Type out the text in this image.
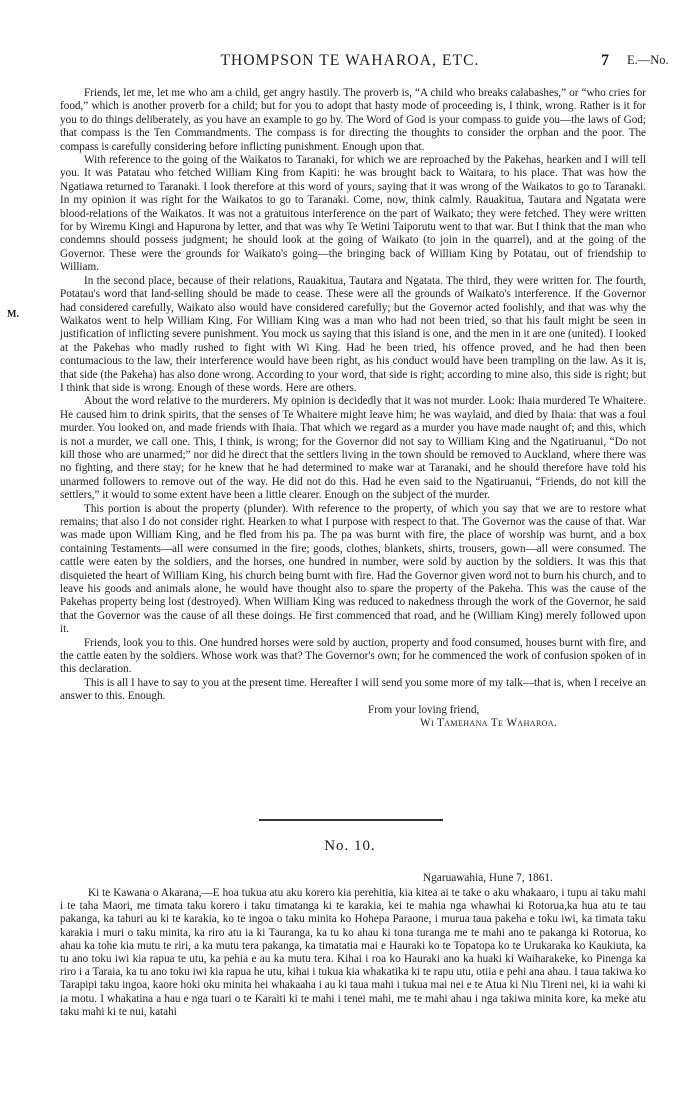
THOMPSON TE WAHAROA, ETC.	7 E.—No.
M.

Friends, let me, let me who am a child, get angry hastily. The proverb is, “A child who breaks calabashes,” or “who cries for food,” which is another proverb for a child; but for you to adopt that hasty mode of proceeding is, I think, wrong. Rather is it for you to do things deliberately, as you have an example to go by. The Word of God is your compass to guide you—the laws of God; that compass is the Ten Commandments. The compass is for directing the thoughts to consider the orphan and the poor. The compass is carefully considering before inflicting punishment. Enough upon that.

With reference to the going of the Waikatos to Taranaki, for which we are reproached by the Pakehas, hearken and I will tell you. It was Patatau who fetched William King from Kapiti: he was brought back to Waitara, to his place. That was how the Ngatiawa returned to Taranaki. I look therefore at this word of yours, saying that it was wrong of the Waikatos to go to Taranaki. In my opinion it was right for the Waikatos to go to Taranaki. Come, now, think calmly. Rauakitua, Tautara and Ngatata were blood-relations of the Waikatos. It was not a gratuitous interference on the part of Waikato; they were fetched. They were written for by Wiremu Kingi and Hapurona by letter, and that was why Te Wetini Taiporutu went to that war. But I think that the man who condemns should possess judgment; he should look at the going of Waikato (to join in the quarrel), and at the going of the Governor. These were the grounds for Waikato's going—the bringing back of William King by Potatau, out of friendship to William.

In the second place, because of their relations, Rauakitua, Tautara and Ngatata. The third, they were written for. The fourth, Potatau's word that land-selling should be made to cease. These were all the grounds of Waikato's interference. If the Governor had considered carefully, Waikato also would have considered carefully; but the Governor acted foolishly, and that was why the Waikatos went to help William King. For William King was a man who had not been tried, so that his fault might be seen in justification of inflicting severe punishment. You mock us saying that this island is one, and the men in it are one (united). I looked at the Pakehas who madly rushed to fight with Wi King. Had he been tried, his offence proved, and he had then been contumacious to the law, their interference would have been right, as his conduct would have been trampling on the law. As it is, that side (the Pakeha) has also done wrong. According to your word, that side is right; according to mine also, this side is right; but I think that side is wrong. Enough of these words. Here are others.

About the word relative to the murderers. My opinion is decidedly that it was not murder. Look: Ihaia murdered Te Whaitere. He caused him to drink spirits, that the senses of Te Whaitere might leave him; he was waylaid, and died by Ihaia: that was a foul murder. You looked on, and made friends with Ihaia. That which we regard as a murder you have made naught of; and this, which is not a murder, we call one. This, I think, is wrong; for the Governor did not say to William King and the Ngatiruanui, “Do not kill those who are unarmed;” nor did he direct that the settlers living in the town should be removed to Auckland, where there was no fighting, and there stay; for he knew that he had determined to make war at Taranaki, and he should therefore have told his unarmed followers to remove out of the way. He did not do this. Had he even said to the Ngatiruanui, “Friends, do not kill the settlers,” it would to some extent have been a little clearer. Enough on the subject of the murder.

This portion is about the property (plunder). With reference to the property, of which you say that we are to restore what remains; that also I do not consider right. Hearken to what I purpose with respect to that. The Governor was the cause of that. War was made upon William King, and he fled from his pa. The pa was burnt with fire, the place of worship was burnt, and a box containing Testaments—all were consumed in the fire; goods, clothes, blankets, shirts, trousers, gown—all were consumed. The cattle were eaten by the soldiers, and the horses, one hundred in number, were sold by auction by the soldiers. It was this that disquieted the heart of William King, his church being burnt with fire. Had the Governor given word not to burn his church, and to leave his goods and animals alone, he would have thought also to spare the property of the Pakeha. This was the cause of the Pakehas property being lost (destroyed). When William King was reduced to nakedness through the work of the Governor, he said that the Governor was the cause of all these doings. He first commenced that road, and he (William King) merely followed upon it.

Friends, look you to this. One hundred horses were sold by auction, property and food consumed, houses burnt with fire, and the cattle eaten by the soldiers. Whose work was that? The Governor's own; for he commenced the work of confusion spoken of in this declaration.

This is all I have to say to you at the present time. Hereafter I will send you some more of my talk—that is, when I receive an answer to this. Enough.

From your loving friend,
Wi Tamehana Te Waharoa.
No. 10.
Ngaruawahia, Hune 7, 1861.

Ki te Kawana o Akarana,—E hoa tukua atu aku korero kia perehitia, kia kitea ai te take o aku whakaaro, i tupu ai taku mahi i te taha Maori, me timata taku korero i taku timatanga ki te karakia, kei te mahia nga whawhai ki Rotorua,ka hua atu te tau pakanga, ka tahuri au ki te karakia, ko te ingoa o taku minita ko Hohepa Paraone, i murua taua pakeha e toku iwi, ka timata taku karakia i muri o taku minita, ka riro atu ia ki Tauranga, ka tu ko ahau ki tona turanga me te mahi ano te pakanga ki Rotorua, ko ahau ka tohe kia mutu te riri, a ka mutu tera pakanga, ka timatatia mai e Hauraki ko te Topatopa ko te Urukaraka ko Kaukiuta, ka tu ano toku iwi kia rapua te utu, ka pehia e au ka mutu tera. Kihai i roa ko Hauraki ano ka huaki ki Waiharakeke, ko Pinenga ka riro i a Taraia, ka tu ano toku iwi kia rapua he utu, kihai i tukua kia whakatika ki te rapu utu, otiia e pehi ana ahau. I taua takiwa ko Tarapipi taku ingoa, kaore hoki oku minita hei whakaaha i au ki taua mahi i tukua mai nei e te Atua ki Niu Tireni nei, ki ia wahi ki ia motu. I whakatina a hau e nga tuari o te Karaiti ki te mahi i tenei mahi, me te mahi ahau i nga takiwa minita kore, ka meke atu taku mahi ki te nui, katahi
